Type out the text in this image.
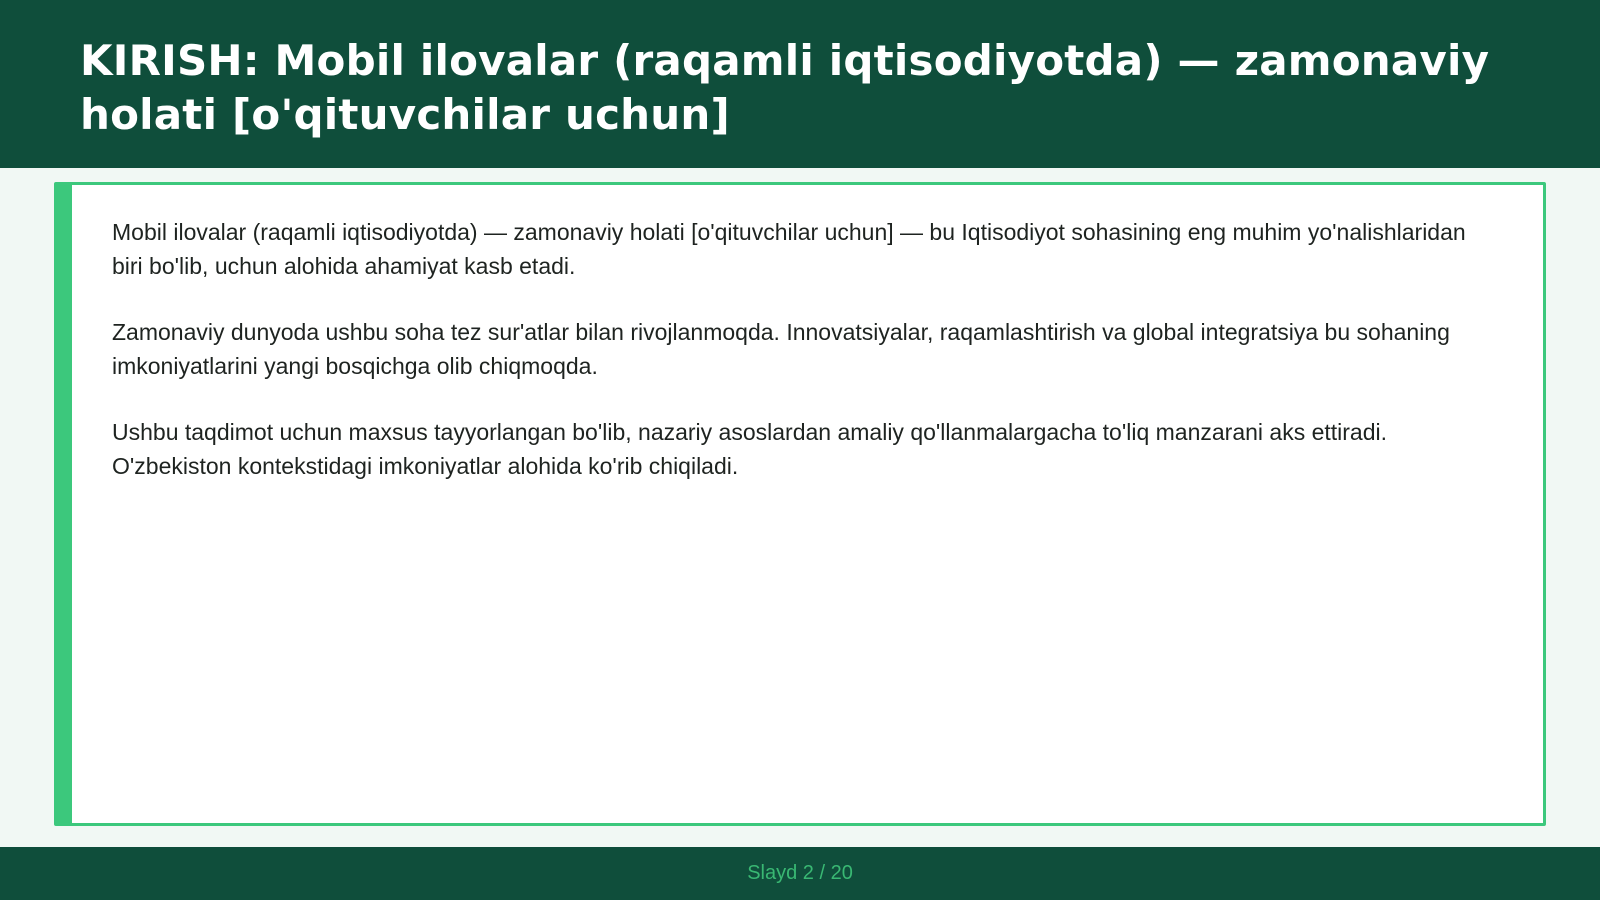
KIRISH: Mobil ilovalar (raqamli iqtisodiyotda) — zamonaviy holati [o'qituvchilar uchun]

Mobil ilovalar (raqamli iqtisodiyotda) — zamonaviy holati [o'qituvchilar uchun] — bu Iqtisodiyot sohasining eng muhim yo'nalishlaridan biri bo'lib, uchun alohida ahamiyat kasb etadi.

Zamonaviy dunyoda ushbu soha tez sur'atlar bilan rivojlanmoqda. Innovatsiyalar, raqamlashtirish va global integratsiya bu sohaning imkoniyatlarini yangi bosqichga olib chiqmoqda.

Ushbu taqdimot uchun maxsus tayyorlangan bo'lib, nazariy asoslardan amaliy qo'llanmalargacha to'liq manzarani aks ettiradi. O'zbekiston kontekstidagi imkoniyatlar alohida ko'rib chiqiladi.

Slayd 2 / 20
